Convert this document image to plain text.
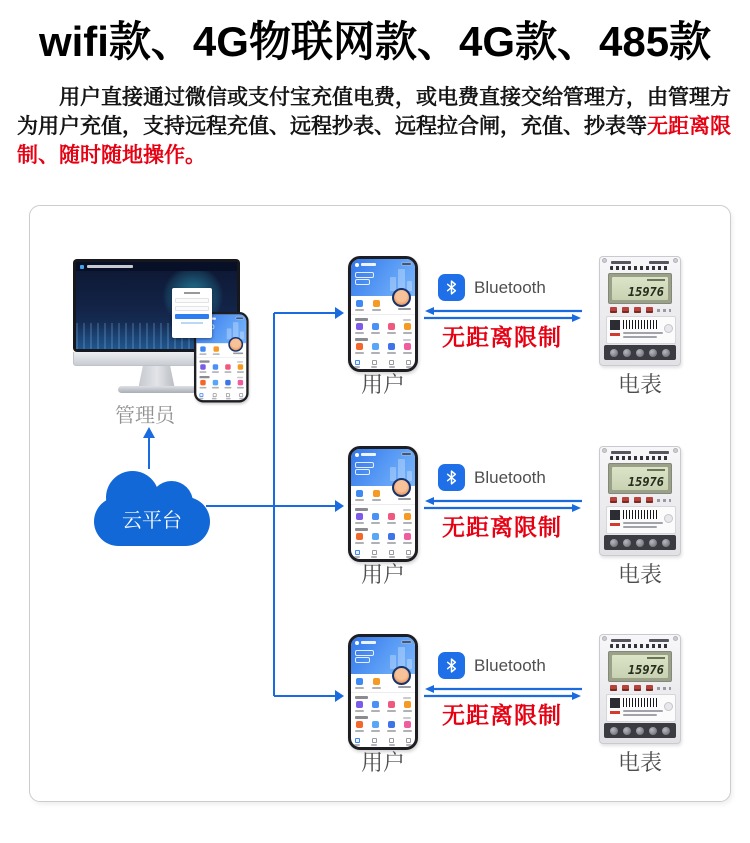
wifi款、4G物联网款、4G款、485款

用户直接通过微信或支付宝充值电费，或电费直接交给管理方，由管理方为用户充值，支持远程充值、远程抄表、远程拉合闸，充值、抄表等无距离限制、随时随地操作。

管理员
云平台
Bluetooth
无距离限制
15976
用户	电表
Bluetooth
无距离限制
15976
用户	电表
Bluetooth
无距离限制
15976
用户	电表
